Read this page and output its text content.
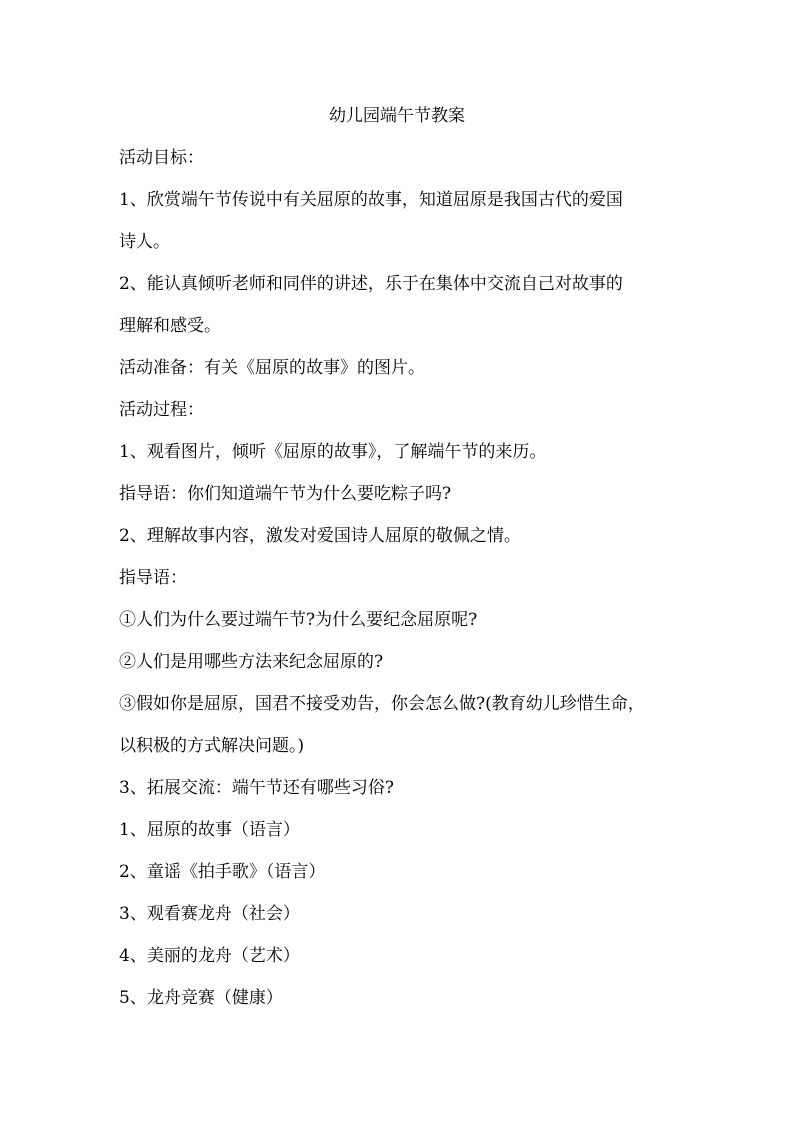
幼儿园端午节教案
活动目标：
1、欣赏端午节传说中有关屈原的故事，知道屈原是我国古代的爱国
诗人。
2、能认真倾听老师和同伴的讲述，乐于在集体中交流自己对故事的
理解和感受。
活动准备：有关《屈原的故事》的图片。
活动过程：
1、观看图片，倾听《屈原的故事》，了解端午节的来历。
指导语：你们知道端午节为什么要吃粽子吗?
2、理解故事内容，激发对爱国诗人屈原的敬佩之情。
指导语：
①人们为什么要过端午节?为什么要纪念屈原呢?
②人们是用哪些方法来纪念屈原的?
③假如你是屈原，国君不接受劝告，你会怎么做?(教育幼儿珍惜生命，
以积极的方式解决问题。)
3、拓展交流：端午节还有哪些习俗?
1、屈原的故事（语言）
2、童谣《拍手歌》（语言）
3、观看赛龙舟（社会）
4、美丽的龙舟（艺术）
5、龙舟竞赛（健康）
